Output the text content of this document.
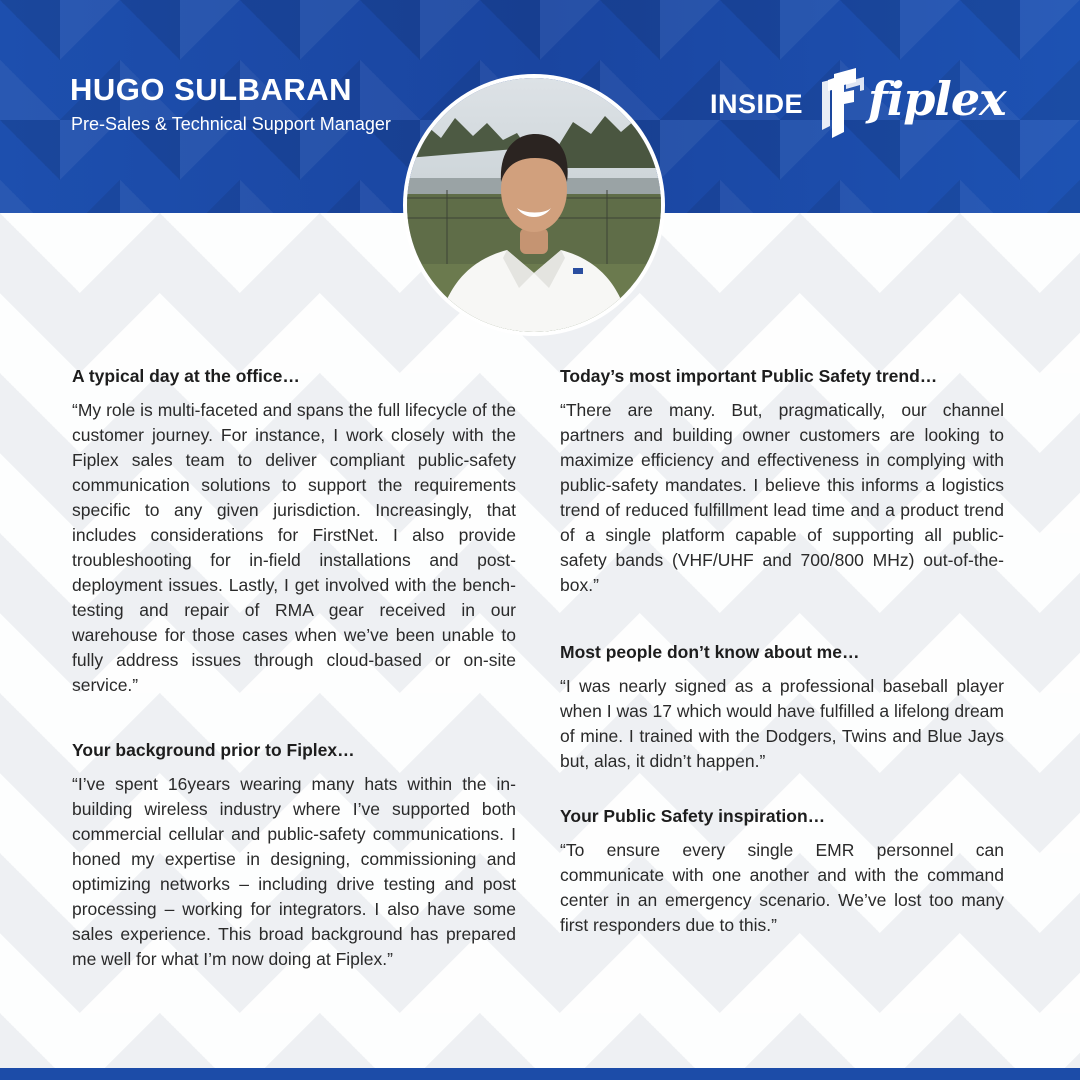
HUGO SULBARAN
Pre-Sales & Technical Support Manager
INSIDE fiplex
A typical day at the office…

“My role is multi-faceted and spans the full lifecycle of the customer journey. For instance, I work closely with the Fiplex sales team to deliver compliant public-safety communication solutions to support the requirements specific to any given jurisdiction. Increasingly, that includes considerations for FirstNet. I also provide troubleshooting for in-field installations and post-deployment issues. Lastly, I get involved with the bench-testing and repair of RMA gear received in our warehouse for those cases when we’ve been unable to fully address issues through cloud-based or on-site service.”

Your background prior to Fiplex…

“I’ve spent 16years wearing many hats within the in-building wireless industry where I’ve supported both commercial cellular and public-safety communications. I honed my expertise in designing, commissioning and optimizing networks – including drive testing and post processing – working for integrators. I also have some sales experience. This broad background has prepared me well for what I’m now doing at Fiplex.”

Today’s most important Public Safety trend…

“There are many. But, pragmatically, our channel partners and building owner customers are looking to maximize efficiency and effectiveness in complying with public-safety mandates. I believe this informs a logistics trend of reduced fulfillment lead time and a product trend of a single platform capable of supporting all public-safety bands (VHF/UHF and 700/800 MHz) out-of-the-box.”

Most people don’t know about me…

“I was nearly signed as a professional baseball player when I was 17 which would have fulfilled a lifelong dream of mine. I trained with the Dodgers, Twins and Blue Jays but, alas, it didn’t happen.”

Your Public Safety inspiration…

“To ensure every single EMR personnel can communicate with one another and with the command center in an emergency scenario. We’ve lost too many first responders due to this.”
